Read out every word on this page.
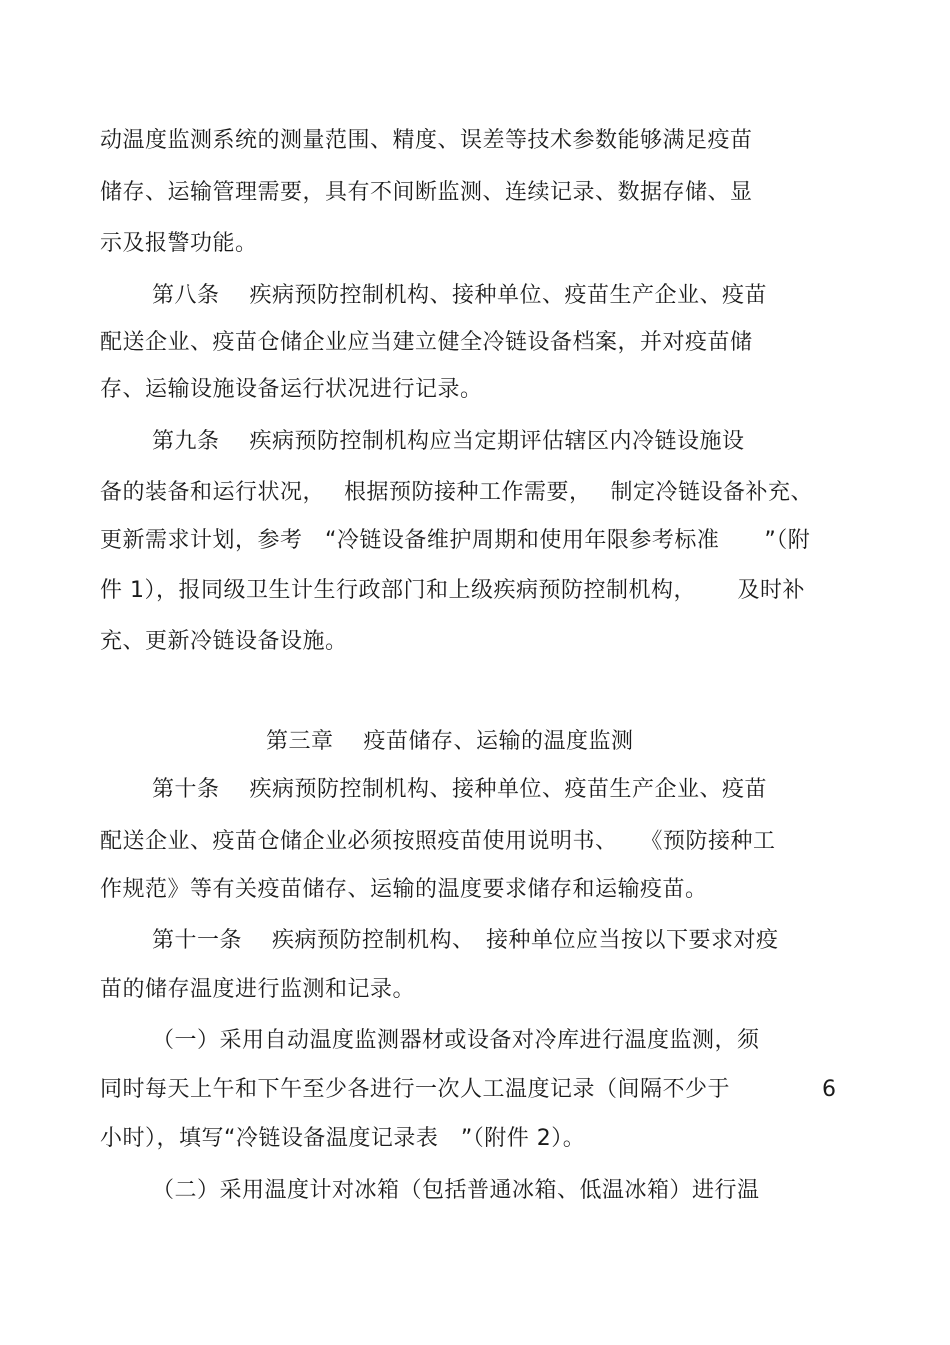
动温度监测系统的测量范围、精度、误差等技术参数能够满足疫苗
储存、运输管理需要，具有不间断监测、连续记录、数据存储、显
示及报警功能。
第八条　 疾病预防控制机构、接种单位、疫苗生产企业、疫苗
配送企业、疫苗仓储企业应当建立健全冷链设备档案，并对疫苗储
存、运输设施设备运行状况进行记录。
第九条　 疾病预防控制机构应当定期评估辖区内冷链设施设
备的装备和运行状况，　 根据预防接种工作需要，　 制定冷链设备补充、
更新需求计划，参考　“冷链设备维护周期和使用年限参考标准　　”（附
件 1），报同级卫生计生行政部门和上级疾病预防控制机构，　　 及时补
充、更新冷链设备设施。
第三章　 疫苗储存、运输的温度监测
第十条　 疾病预防控制机构、接种单位、疫苗生产企业、疫苗
配送企业、疫苗仓储企业必须按照疫苗使用说明书、　　《预防接种工
作规范》等有关疫苗储存、运输的温度要求储存和运输疫苗。
第十一条　 疾病预防控制机构、　接种单位应当按以下要求对疫
苗的储存温度进行监测和记录。
（一）采用自动温度监测器材或设备对冷库进行温度监测，须
同时每天上午和下午至少各进行一次人工温度记录（间隔不少于	6
小时），填写“冷链设备温度记录表　”（附件 2）。
（二）采用温度计对冰箱（包括普通冰箱、低温冰箱）进行温
